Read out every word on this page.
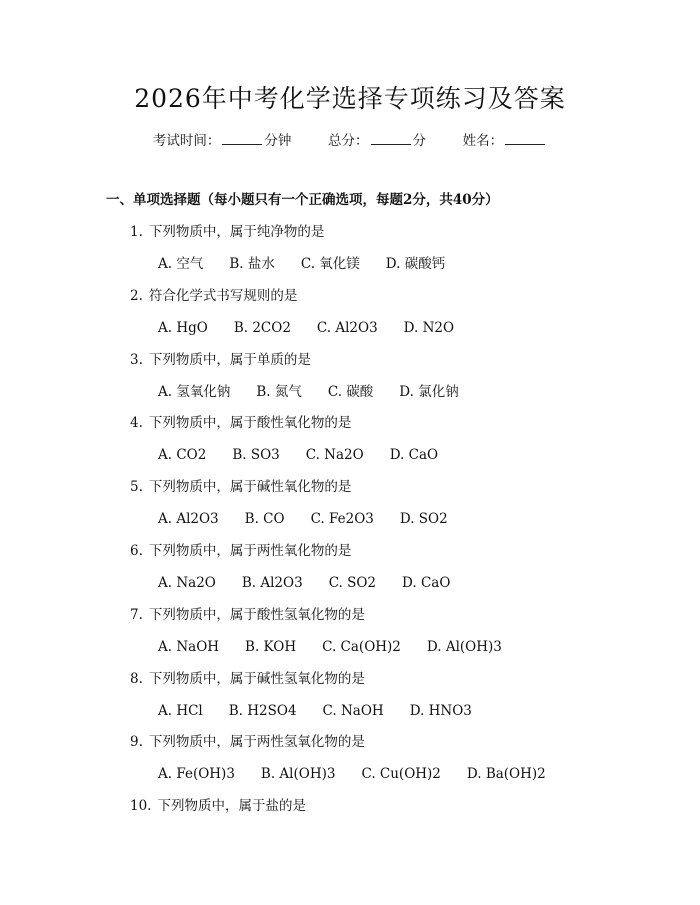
2026年中考化学选择专项练习及答案
考试时间：	分钟	总分：	分	姓名：
一、单项选择题（每小题只有一个正确选项，每题2分，共40分）
1. 下列物质中，属于纯净物的是
A. 空气 B. 盐水 C. 氧化镁 D. 碳酸钙
2. 符合化学式书写规则的是
A. HgO B. 2CO2 C. Al2O3 D. N2O
3. 下列物质中，属于单质的是
A. 氢氧化钠 B. 氮气 C. 碳酸 D. 氯化钠
4. 下列物质中，属于酸性氧化物的是
A. CO2 B. SO3 C. Na2O D. CaO
5. 下列物质中，属于碱性氧化物的是
A. Al2O3 B. CO C. Fe2O3 D. SO2
6. 下列物质中，属于两性氧化物的是
A. Na2O B. Al2O3 C. SO2 D. CaO
7. 下列物质中，属于酸性氢氧化物的是
A. NaOH B. KOH C. Ca(OH)2 D. Al(OH)3
8. 下列物质中，属于碱性氢氧化物的是
A. HCl B. H2SO4 C. NaOH D. HNO3
9. 下列物质中，属于两性氢氧化物的是
A. Fe(OH)3 B. Al(OH)3 C. Cu(OH)2 D. Ba(OH)2
10. 下列物质中，属于盐的是
